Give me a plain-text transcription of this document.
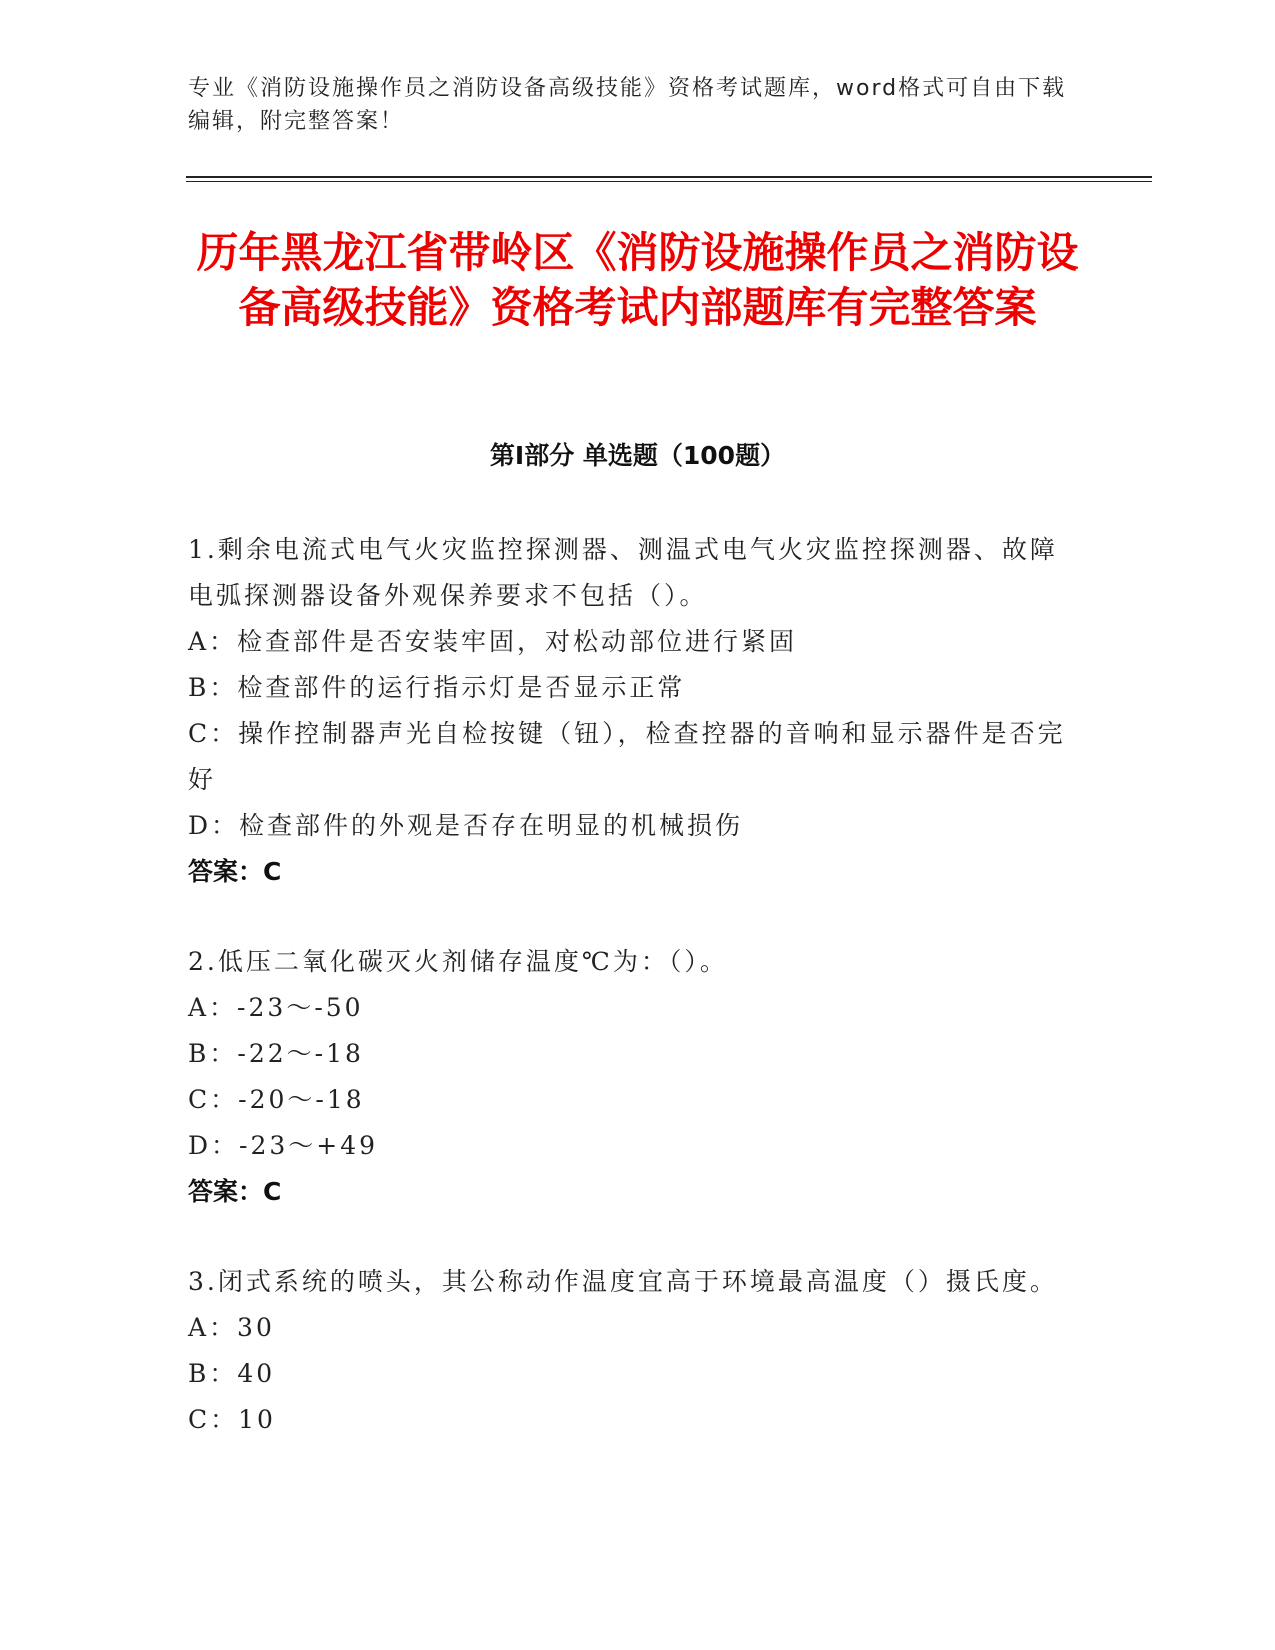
专业《消防设施操作员之消防设备高级技能》资格考试题库，word格式可自由下载编辑，附完整答案！
历年黑龙江省带岭区《消防设施操作员之消防设备高级技能》资格考试内部题库有完整答案
第Ⅰ部分 单选题（100题）

1.剩余电流式电气火灾监控探测器、测温式电气火灾监控探测器、故障电弧探测器设备外观保养要求不包括（）。

A：检查部件是否安装牢固，对松动部位进行紧固

B：检查部件的运行指示灯是否显示正常

C：操作控制器声光自检按键（钮），检查控器的音响和显示器件是否完好

D：检查部件的外观是否存在明显的机械损伤

答案：C

2.低压二氧化碳灭火剂储存温度℃为：（）。

A：-23～-50

B：-22～-18

C：-20～-18

D：-23～+49

答案：C

3.闭式系统的喷头，其公称动作温度宜高于环境最高温度（）摄氏度。

A：30

B：40

C：10
